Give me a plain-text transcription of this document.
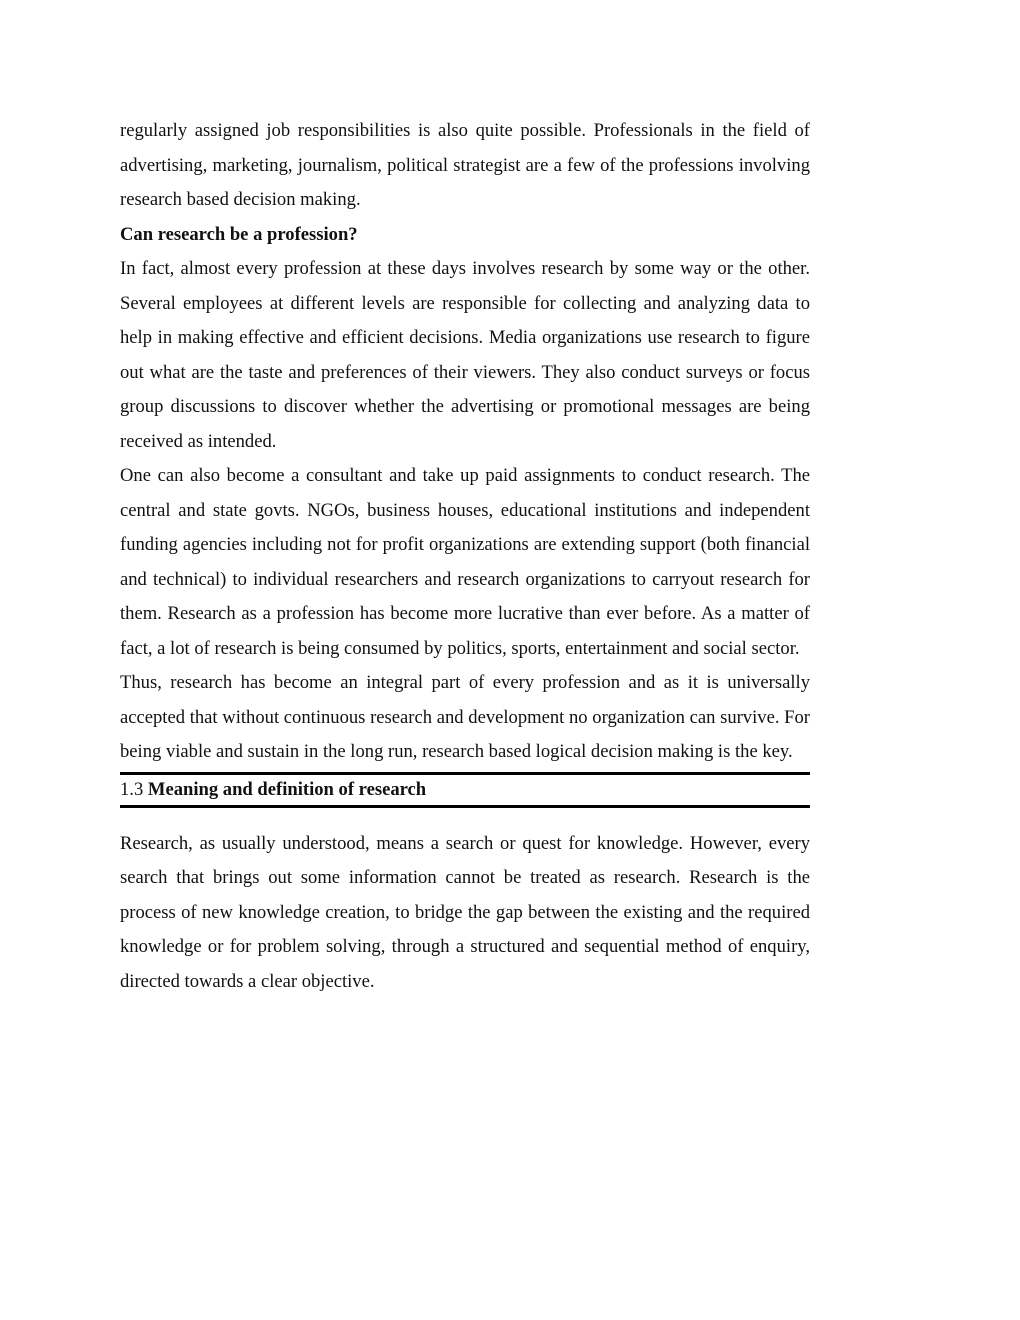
regularly assigned job responsibilities is also quite possible. Professionals in the field of advertising, marketing, journalism, political strategist are a few of the professions involving research based decision making.

Can research be a profession?

In fact, almost every profession at these days involves research by some way or the other. Several employees at different levels are responsible for collecting and analyzing data to help in making effective and efficient decisions. Media organizations use research to figure out what are the taste and preferences of their viewers. They also conduct surveys or focus group discussions to discover whether the advertising or promotional messages are being received as intended.

One can also become a consultant and take up paid assignments to conduct research. The central and state govts. NGOs, business houses, educational institutions and independent funding agencies including not for profit organizations are extending support (both financial and technical) to individual researchers and research organizations to carryout research for them. Research as a profession has become more lucrative than ever before. As a matter of fact, a lot of research is being consumed by politics, sports, entertainment and social sector.

Thus, research has become an integral part of every profession and as it is universally accepted that without continuous research and development no organization can survive. For being viable and sustain in the long run, research based logical decision making is the key.

1.3 Meaning and definition of research

Research, as usually understood, means a search or quest for knowledge. However, every search that brings out some information cannot be treated as research. Research is the process of new knowledge creation, to bridge the gap between the existing and the required knowledge or for problem solving, through a structured and sequential method of enquiry, directed towards a clear objective.
